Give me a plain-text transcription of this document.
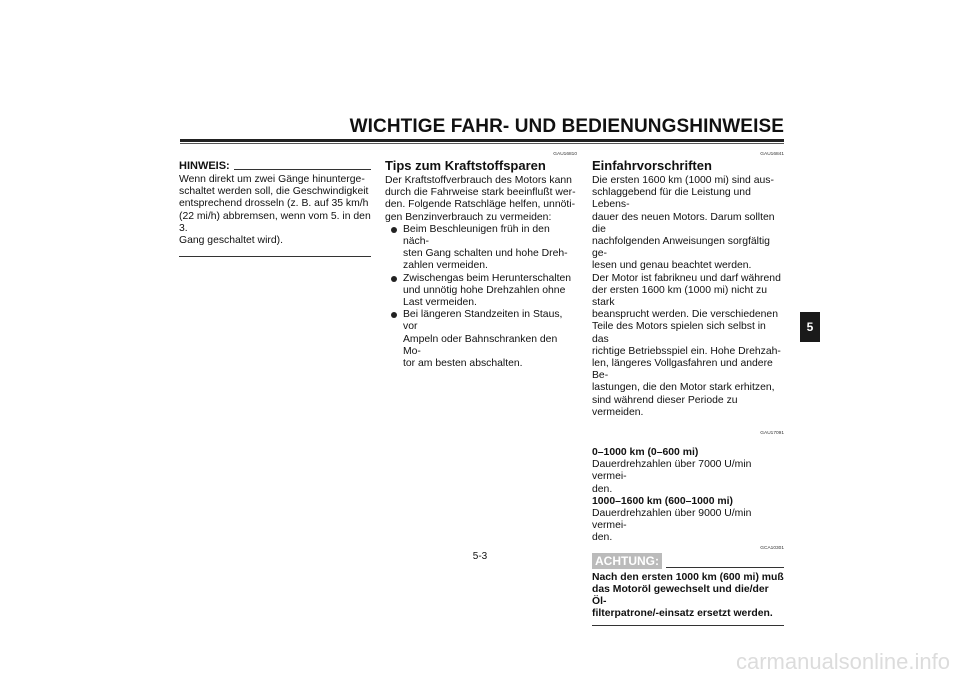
WICHTIGE FAHR- UND BEDIENUNGSHINWEISE
5
HINWEIS:

Wenn direkt um zwei Gänge hinunterge-
schaltet werden soll, die Geschwindigkeit
entsprechend drosseln (z. B. auf 35 km/h
(22 mi/h) abbremsen, wenn vom 5. in den 3.
Gang geschaltet wird).

GAU16810
Tips zum Kraftstoffsparen

Der Kraftstoffverbrauch des Motors kann
durch die Fahrweise stark beeinflußt wer-
den. Folgende Ratschläge helfen, unnöti-
gen Benzinverbrauch zu vermeiden:

Beim Beschleunigen früh in den näch-
sten Gang schalten und hohe Dreh-
zahlen vermeiden.
Zwischengas beim Herunterschalten
und unnötig hohe Drehzahlen ohne
Last vermeiden.
Bei längeren Standzeiten in Staus, vor
Ampeln oder Bahnschranken den Mo-
tor am besten abschalten.
GAU16841
Einfahrvorschriften

Die ersten 1600 km (1000 mi) sind aus-
schlaggebend für die Leistung und Lebens-
dauer des neuen Motors. Darum sollten die
nachfolgenden Anweisungen sorgfältig ge-
lesen und genau beachtet werden.

Der Motor ist fabrikneu und darf während
der ersten 1600 km (1000 mi) nicht zu stark
beansprucht werden. Die verschiedenen
Teile des Motors spielen sich selbst in das
richtige Betriebsspiel ein. Hohe Drehzah-
len, längeres Vollgasfahren und andere Be-
lastungen, die den Motor stark erhitzen,
sind während dieser Periode zu vermeiden.

GAU17091

0–1000 km (0–600 mi)

Dauerdrehzahlen über 7000 U/min vermei-
den.

1000–1600 km (600–1000 mi)

Dauerdrehzahlen über 9000 U/min vermei-
den.

GCA10301
ACHTUNG:

Nach den ersten 1000 km (600 mi) muß
das Motoröl gewechselt und die/der Öl-
filterpatrone/-einsatz ersetzt werden.

5-3
carmanualsonline.info
